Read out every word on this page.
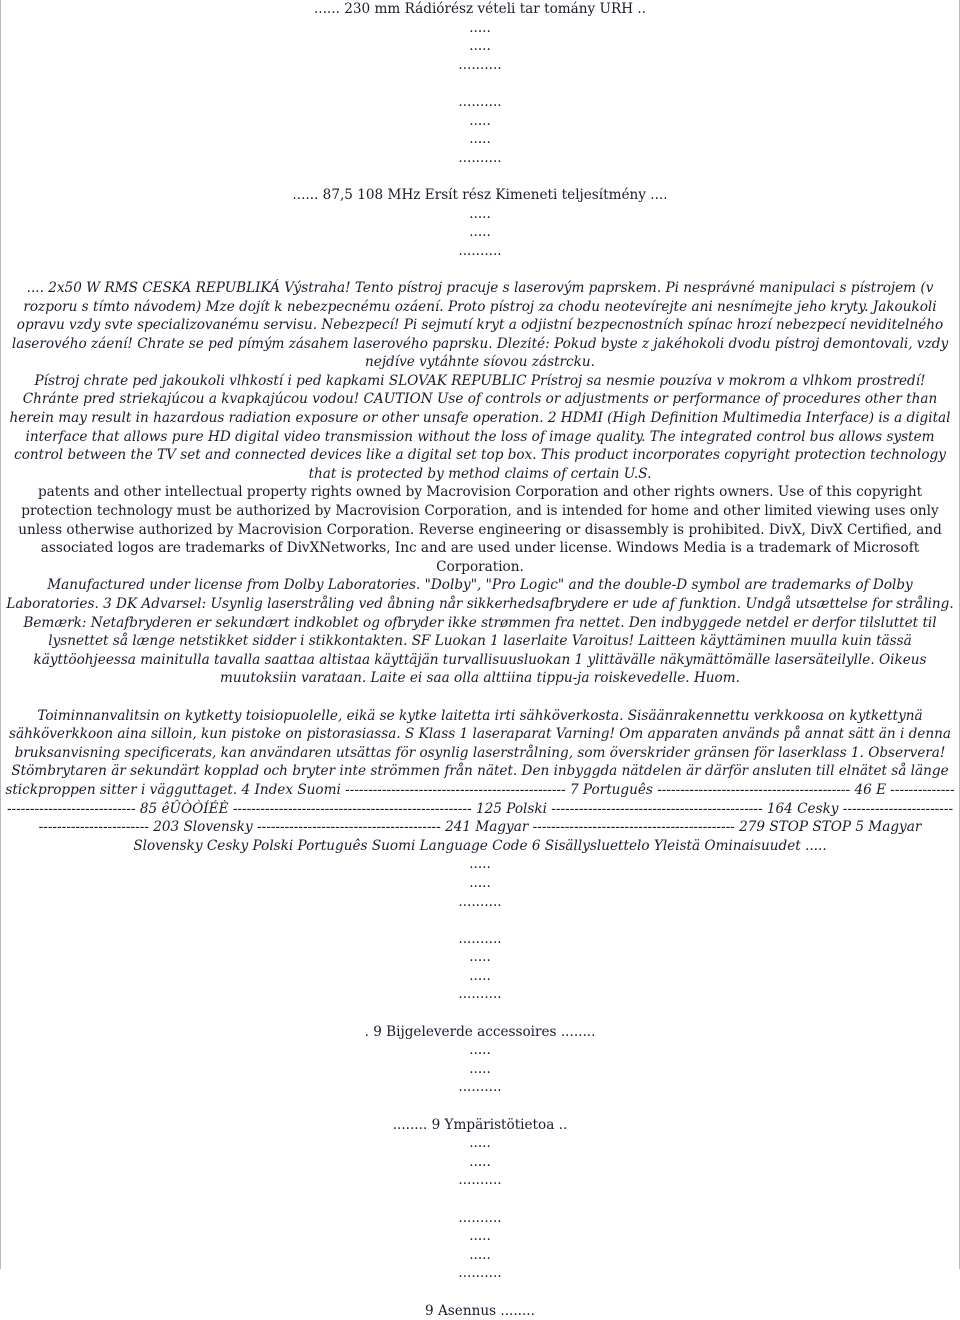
...... 230 mm Rádiórész vételi tar tomány URH ..
.....
.....
..........
..........
.....
.....
..........
...... 87,5 108 MHz Ersít rész Kimeneti teljesítmény ....
.....
.....
..........
.... 2x50 W RMS CESKA REPUBLIKÁ Výstraha! Tento pístroj pracuje s laserovým paprskem. Pi nesprávné manipulaci s pístrojem (v rozporu s tímto návodem) Mze dojít k nebezpecnému ozáení. Proto pístroj za chodu neotevírejte ani nesnímejte jeho kryty. Jakoukoli opravu vzdy svte specializovanému servisu. Nebezpecí! Pi sejmutí kryt a odjistní bezpecnostních spínac hrozí nebezpecí neviditelného laserového záení! Chrate se ped pímým zásahem laserového paprsku. Dlezité: Pokud byste z jakéhokoli dvodu pístroj demontovali, vzdy nejdíve vytáhnte síovou zástrcku.
Pístroj chrate ped jakoukoli vlhkostí i ped kapkami SLOVAK REPUBLIC Prístroj sa nesmie pouzíva v mokrom a vlhkom prostredí! Chránte pred striekajúcou a kvapkajúcou vodou! CAUTION Use of controls or adjustments or performance of procedures other than herein may result in hazardous radiation exposure or other unsafe operation. 2 HDMI (High Definition Multimedia Interface) is a digital interface that allows pure HD digital video transmission without the loss of image quality. The integrated control bus allows system control between the TV set and connected devices like a digital set top box. This product incorporates copyright protection technology that is protected by method claims of certain U.S.
patents and other intellectual property rights owned by Macrovision Corporation and other rights owners. Use of this copyright protection technology must be authorized by Macrovision Corporation, and is intended for home and other limited viewing uses only unless otherwise authorized by Macrovision Corporation. Reverse engineering or disassembly is prohibited. DivX, DivX Certified, and associated logos are trademarks of DivXNetworks, Inc and are used under license. Windows Media is a trademark of Microsoft Corporation.
Manufactured under license from Dolby Laboratories. "Dolby", "Pro Logic" and the double-D symbol are trademarks of Dolby Laboratories. 3 DK Advarsel: Usynlig laserstråling ved åbning når sikkerhedsafbrydere er ude af funktion. Undgå utsættelse for stråling. Bemærk: Netafbryderen er sekundært indkoblet og ofbryder ikke strømmen fra nettet. Den indbyggede netdel er derfor tilsluttet til lysnettet så længe netstikket sidder i stikkontakten. SF Luokan 1 laserlaite Varoitus! Laitteen käyttäminen muulla kuin tässä käyttöohjeessa mainitulla tavalla saattaa altistaa käyttäjän turvallisuusluokan 1 ylittävälle näkymättömälle lasersäteilylle. Oikeus muutoksiin varataan. Laite ei saa olla alttiina tippu-ja roiskevedelle. Huom.
Toiminnanvalitsin on kytketty toisiopuolelle, eikä se kytke laitetta irti sähköverkosta. Sisäänrakennettu verkkoosa on kytkettynä sähköverkkoon aina silloin, kun pistoke on pistorasiassa. S Klass 1 laseraparat Varning! Om apparaten används på annat sätt än i denna bruksanvisning specificerats, kan användaren utsättas för osynlig laserstrålning, som överskrider gränsen för laserklass 1. Observera! Stömbrytaren är sekundärt kopplad och bryter inte strömmen från nätet. Den inbyggda nätdelen är därför ansluten till elnätet så länge stickproppen sitter i vägguttaget. 4 Index Suomi ------------------------------------------------ 7 Português ------------------------------------------ 46 E ------------------------------------------ 85 êÛÒÒÍÉÈ ---------------------------------------------------- 125 Polski ---------------------------------------------- 164 Cesky ------------------------------------------------ 203 Slovensky ---------------------------------------- 241 Magyar -------------------------------------------- 279 STOP STOP 5 Magyar Slovensky Cesky Polski Português Suomi Language Code 6 Sisällysluettelo Yleistä Ominaisuudet .....
.....
.....
..........
..........
.....
.....
..........
. 9 Bijgeleverde accessoires ........
.....
.....
..........
........ 9 Ympäristötietoa ..
.....
.....
..........
..........
.....
.....
..........
9 Asennus ........
